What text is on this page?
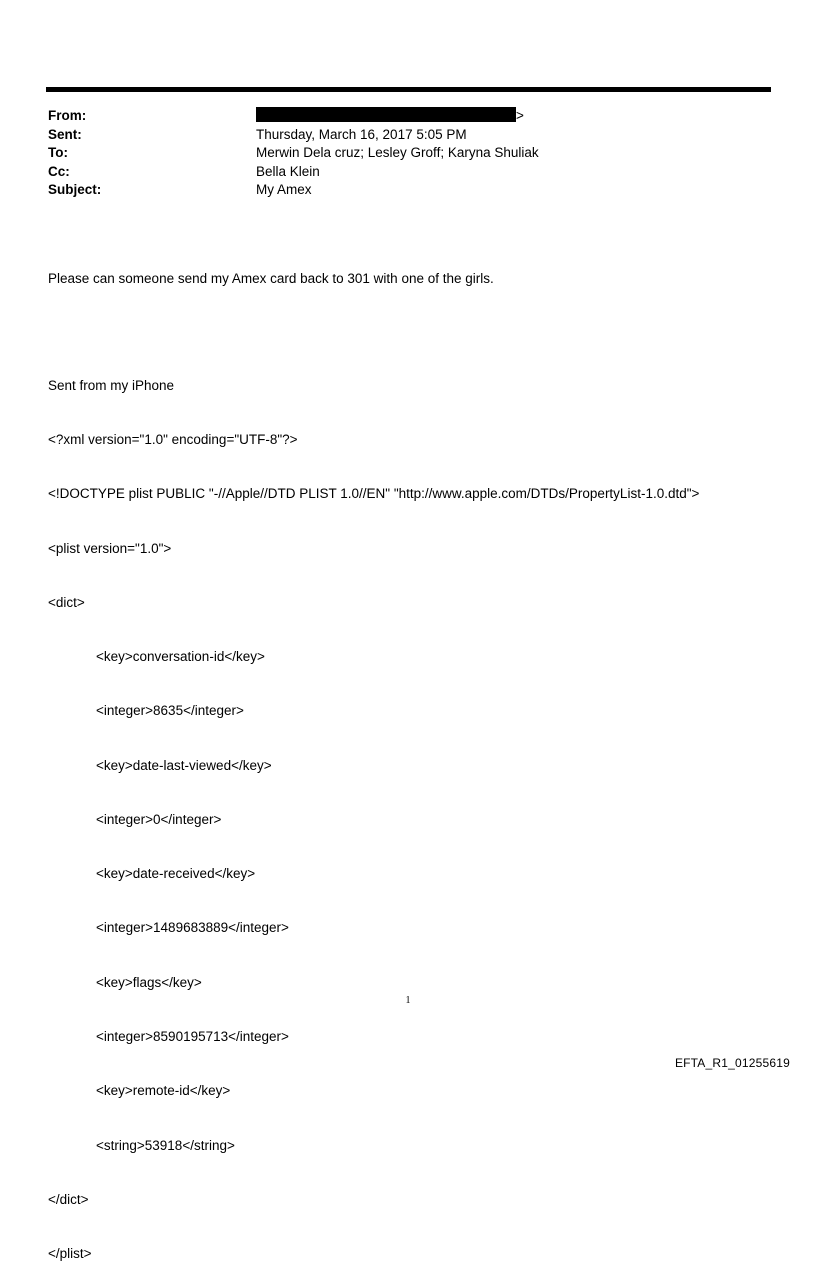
From:	>
Sent:	Thursday, March 16, 2017 5:05 PM
To:	Merwin Dela cruz; Lesley Groff; Karyna Shuliak
Cc:	Bella Klein
Subject:	My Amex

Please can someone send my Amex card back to 301 with one of the girls.

Sent from my iPhone

<?xml version="1.0" encoding="UTF-8"?>

<!DOCTYPE plist PUBLIC "-//Apple//DTD PLIST 1.0//EN" "http://www.apple.com/DTDs/PropertyList-1.0.dtd">

<plist version="1.0">

<dict>

<key>conversation-id</key>

<integer>8635</integer>

<key>date-last-viewed</key>

<integer>0</integer>

<key>date-received</key>

<integer>1489683889</integer>

<key>flags</key>

<integer>8590195713</integer>

<key>remote-id</key>

<string>53918</string>

</dict>

</plist>

1
EFTA_R1_01255619
